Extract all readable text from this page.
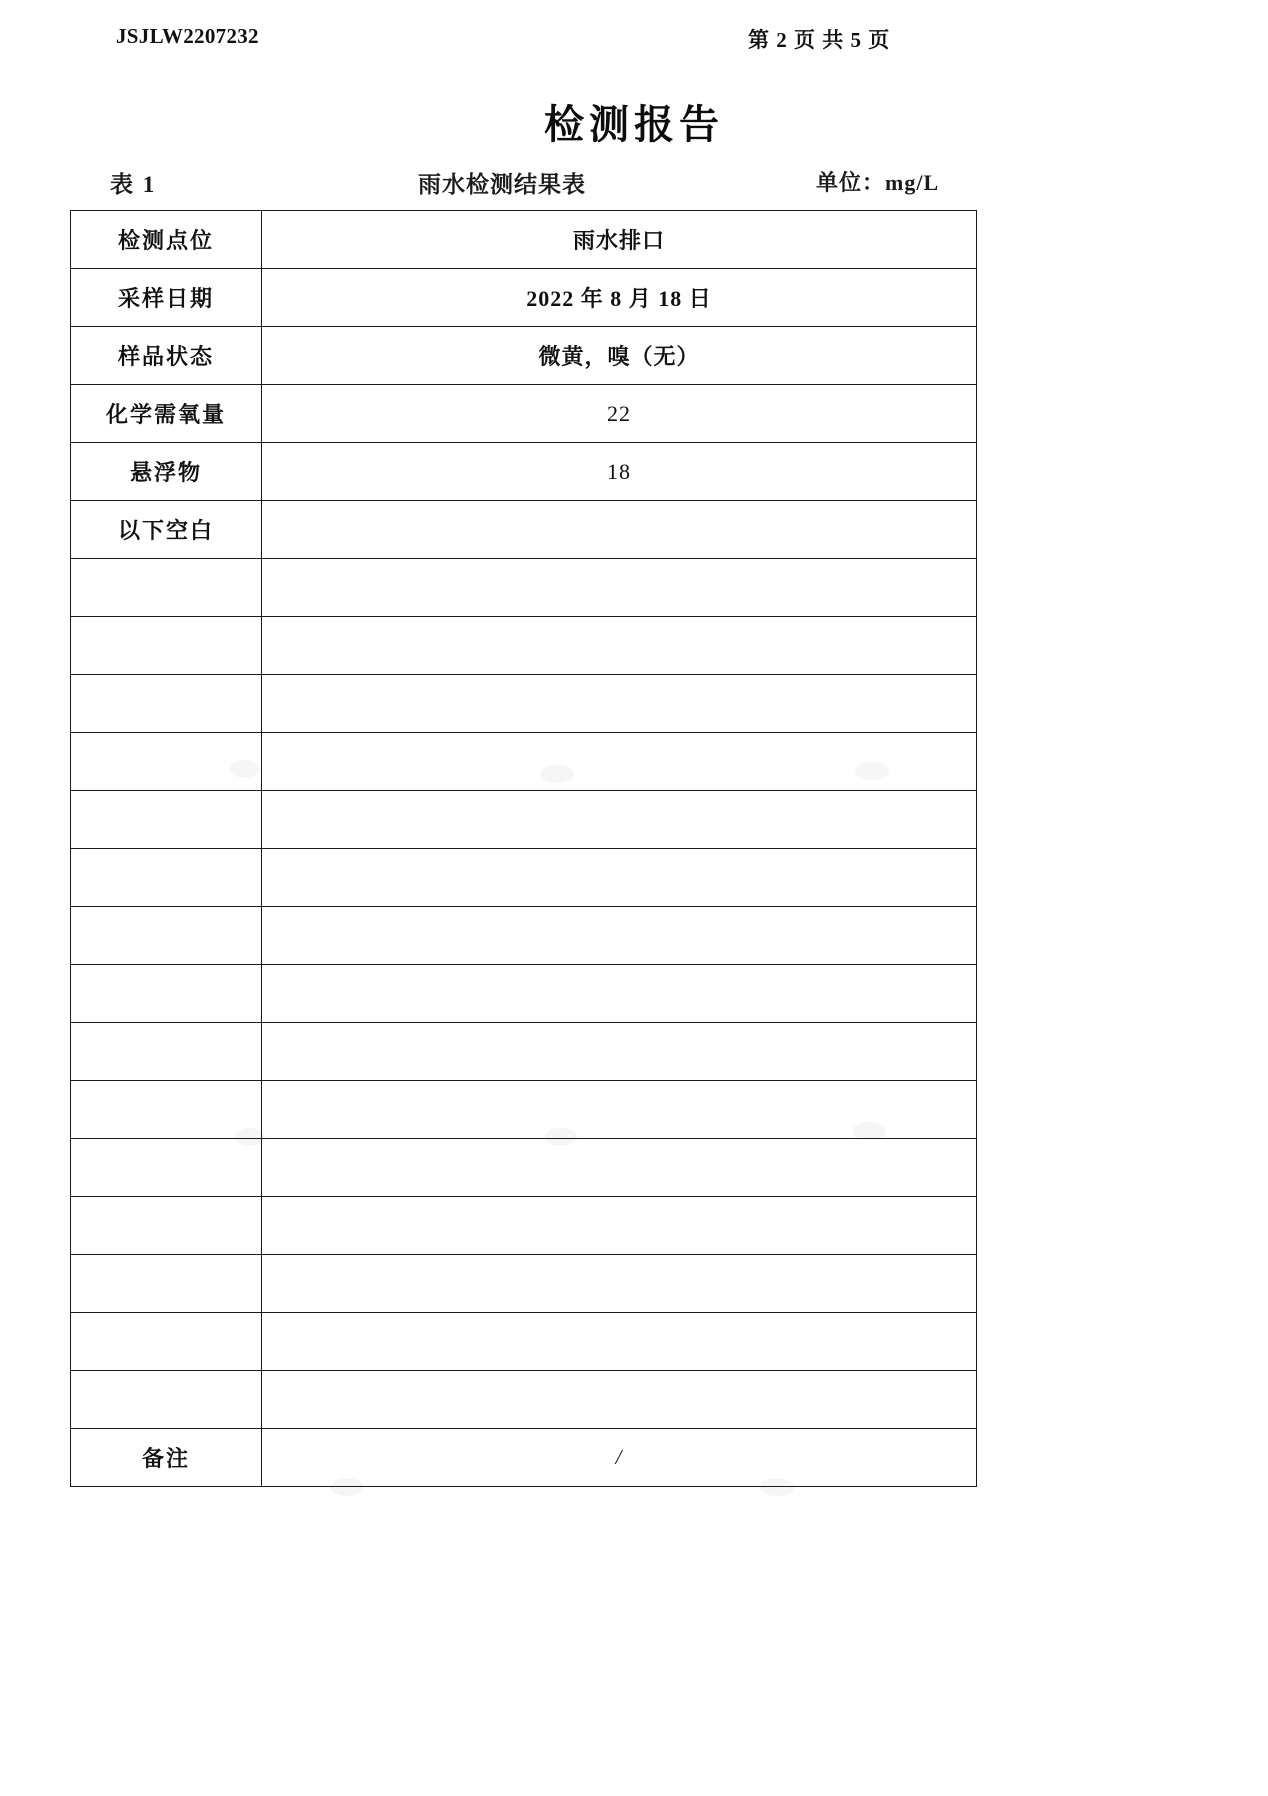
JSJLW2207232	第 2 页 共 5 页
检测报告
表 1	雨水检测结果表	单位：mg/L
检测点位	雨水排口
采样日期	2022 年 8 月 18 日
样品状态	微黄，嗅（无）
化学需氧量	22
悬浮物	18
以下空白	

备注	/
